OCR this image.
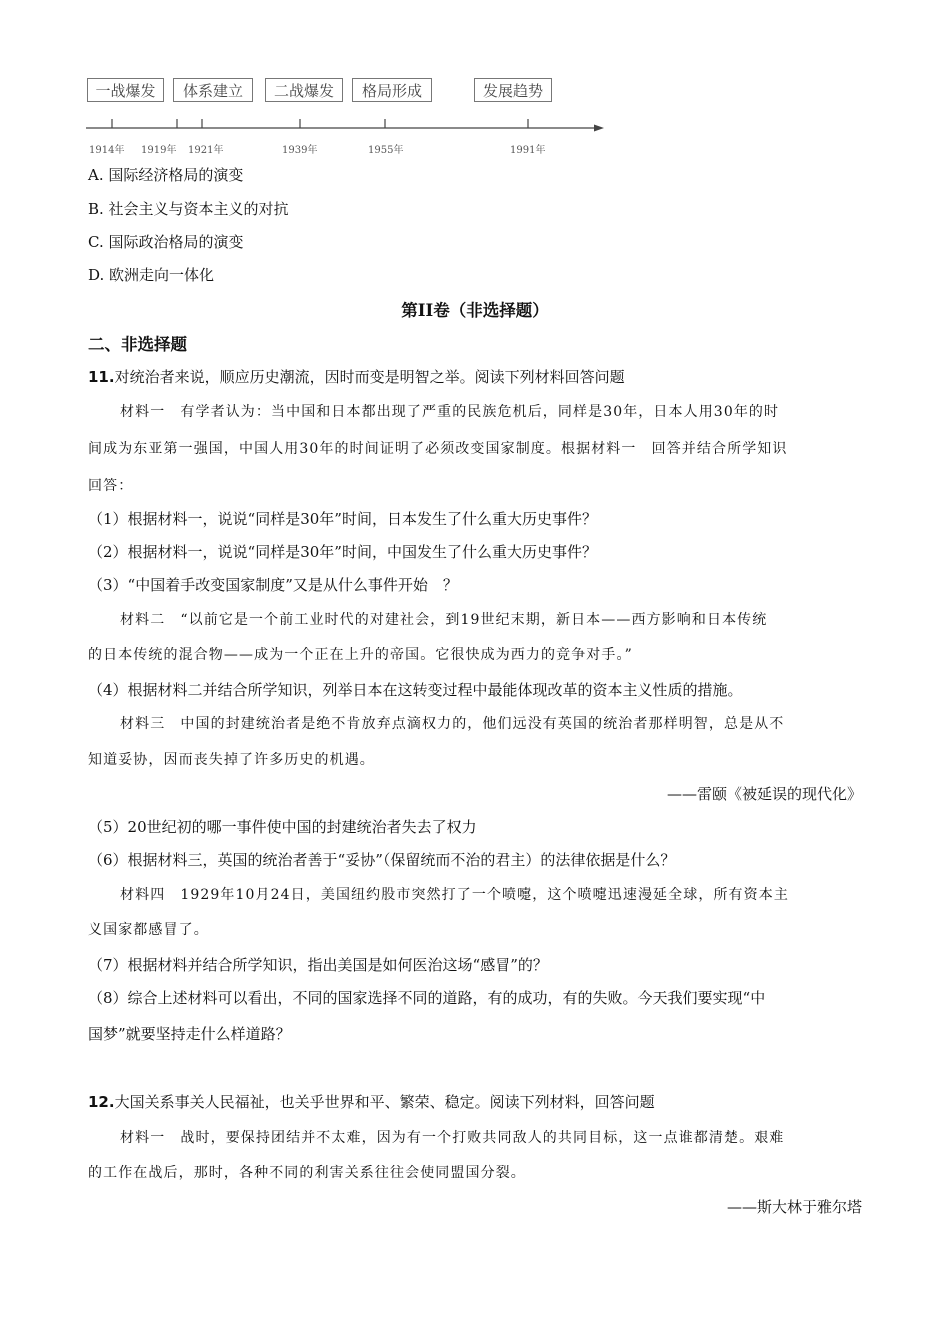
一战爆发	体系建立	二战爆发	格局形成	发展趋势
1914年 1919年 1921年	1939年	1955年	1991年
A. 国际经济格局的演变
B. 社会主义与资本主义的对抗
C. 国际政治格局的演变
D. 欧洲走向一体化
第II卷（非选择题）
二、非选择题
11.对统治者来说，顺应历史潮流，因时而变是明智之举。阅读下列材料回答问题
材料一　有学者认为：当中国和日本都出现了严重的民族危机后，同样是30年，日本人用30年的时
间成为东亚第一强国，中国人用30年的时间证明了必须改变国家制度。根据材料一　回答并结合所学知识
回答：
（1）根据材料一，说说“同样是30年”时间，日本发生了什么重大历史事件？
（2）根据材料一，说说“同样是30年”时间，中国发生了什么重大历史事件？
（3）“中国着手改变国家制度”又是从什么事件开始　？
材料二　“以前它是一个前工业时代的对建社会，到19世纪末期，新日本——西方影响和日本传统
的日本传统的混合物——成为一个正在上升的帝国。它很快成为西力的竞争对手。”
（4）根据材料二并结合所学知识，列举日本在这转变过程中最能体现改革的资本主义性质的措施。
材料三　中国的封建统治者是绝不肯放弃点滴权力的，他们远没有英国的统治者那样明智，总是从不
知道妥协，因而丧失掉了许多历史的机遇。
——雷颐《被延误的现代化》
（5）20世纪初的哪一事件使中国的封建统治者失去了权力
（6）根据材料三，英国的统治者善于“妥协”（保留统而不治的君主）的法律依据是什么？
材料四　1929年10月24日，美国纽约股市突然打了一个喷嚏，这个喷嚏迅速漫延全球，所有资本主
义国家都感冒了。
（7）根据材料并结合所学知识，指出美国是如何医治这场“感冒”的？
（8）综合上述材料可以看出，不同的国家选择不同的道路，有的成功，有的失败。今天我们要实现“中
国梦”就要坚持走什么样道路？
12.大国关系事关人民福祉，也关乎世界和平、繁荣、稳定。阅读下列材料，回答问题
材料一　战时，要保持团结并不太难，因为有一个打败共同敌人的共同目标，这一点谁都清楚。艰难
的工作在战后，那时，各种不同的利害关系往往会使同盟国分裂。
——斯大林于雅尔塔
